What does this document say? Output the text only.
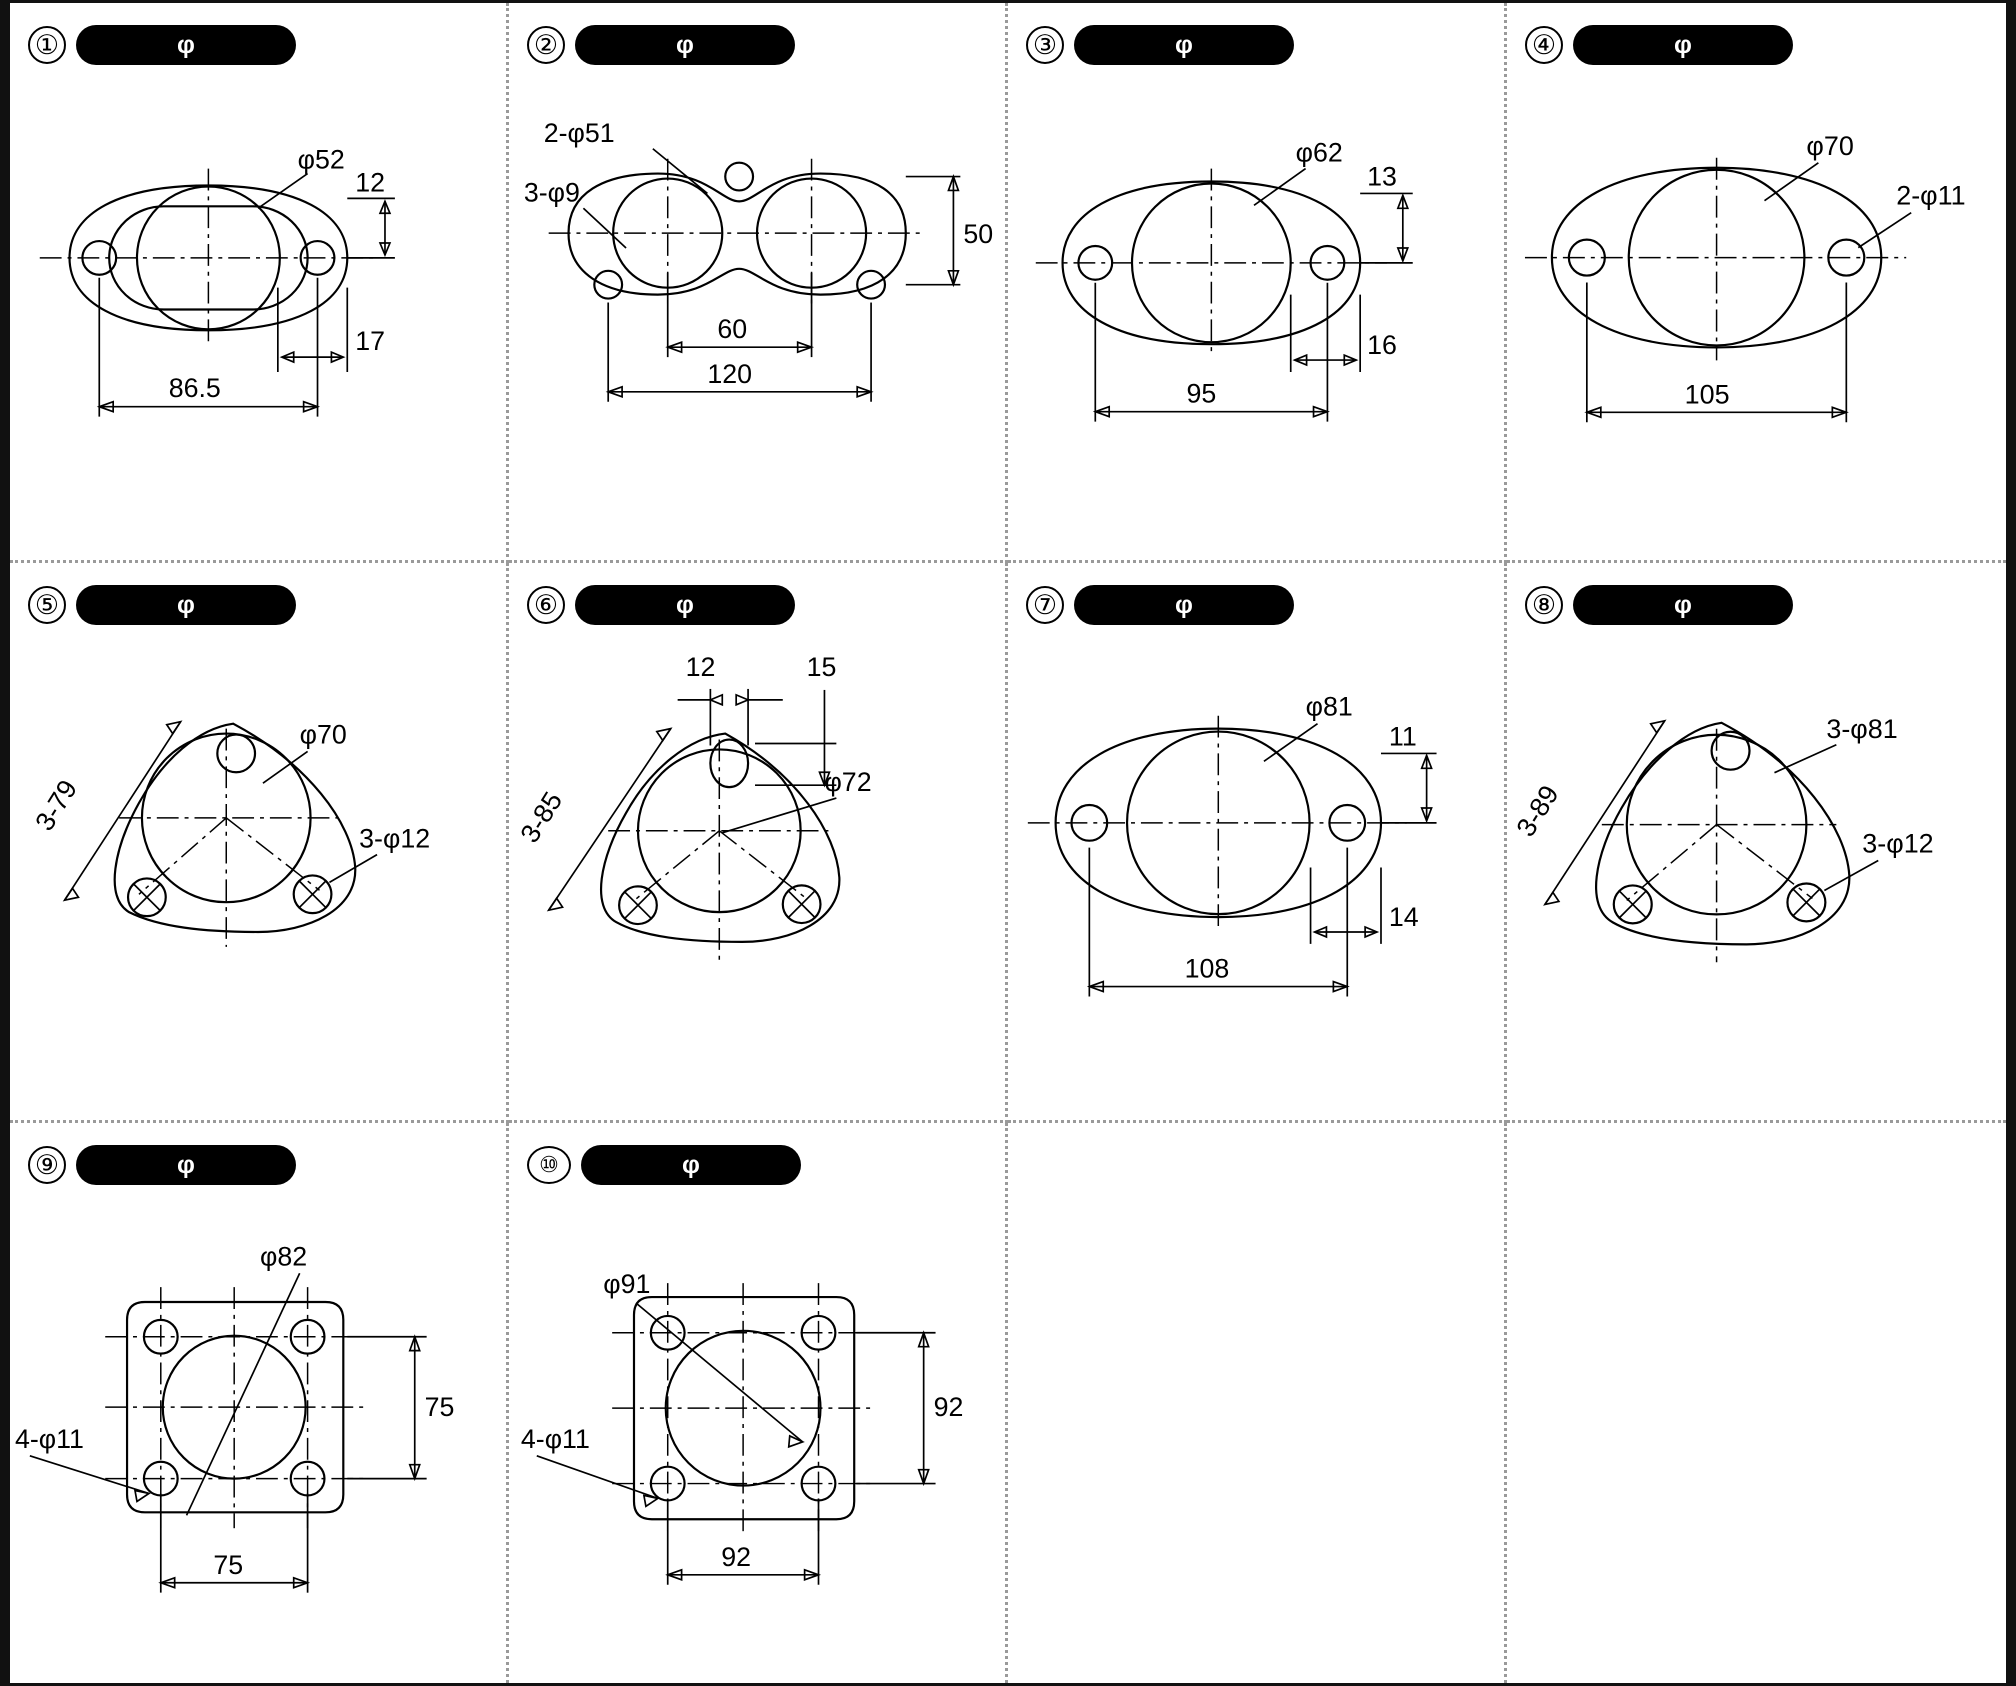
①	φ
φ52
12
17
86.5
②	φ
2-φ51
3-φ9
50
60
120
③	φ
φ62
13
16
95
④	φ
φ70
2-φ11
105
⑤	φ
φ70
3-φ12
3-79
⑥	φ
φ72
3-85
12	15
⑦	φ
φ81
11
14
108
⑧	φ
3-φ81
3-φ12
3-89
⑨	φ
φ82
4-φ11
75
75
⑩	φ
φ91
4-φ11
92
92
